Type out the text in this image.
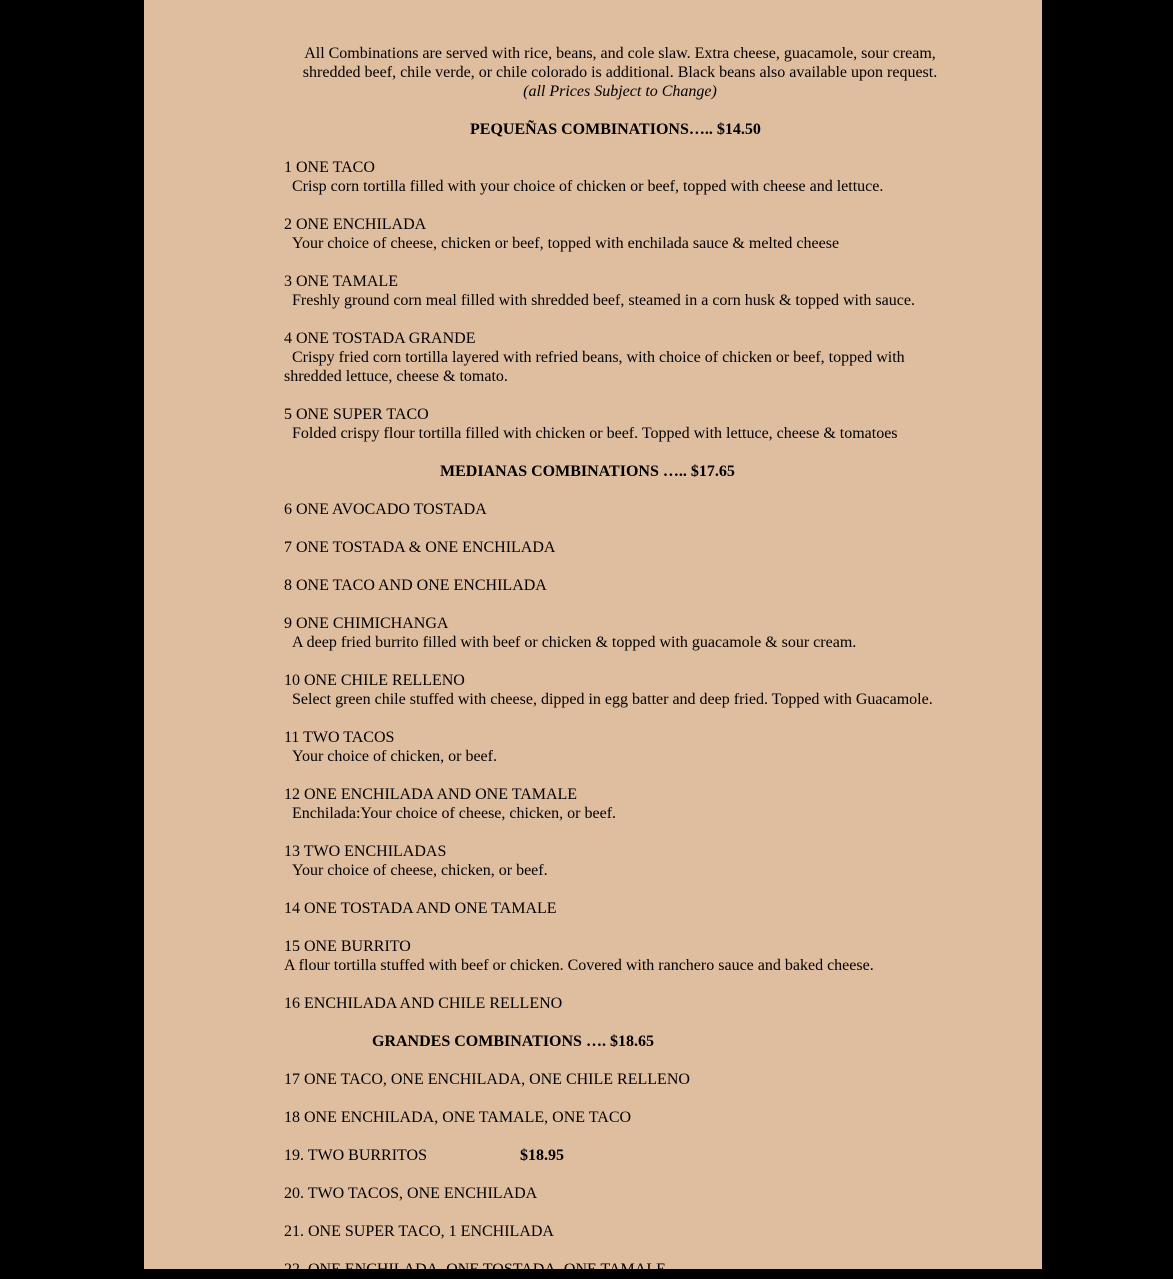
All Combinations are served with rice, beans, and cole slaw. Extra cheese, guacamole, sour cream,
shredded beef, chile verde, or chile colorado is additional. Black beans also available upon request.
(all Prices Subject to Change)
PEQUEÑAS COMBINATIONS….. $14.50
1 ONE TACO
Crisp corn tortilla filled with your choice of chicken or beef, topped with cheese and lettuce.
2 ONE ENCHILADA
Your choice of cheese, chicken or beef, topped with enchilada sauce & melted cheese
3 ONE TAMALE
Freshly ground corn meal filled with shredded beef, steamed in a corn husk & topped with sauce.
4 ONE TOSTADA GRANDE
Crispy fried corn tortilla layered with refried beans, with choice of chicken or beef, topped with
shredded lettuce, cheese & tomato.
5 ONE SUPER TACO
Folded crispy flour tortilla filled with chicken or beef. Topped with lettuce, cheese & tomatoes
MEDIANAS COMBINATIONS ….. $17.65
6 ONE AVOCADO TOSTADA
7 ONE TOSTADA & ONE ENCHILADA
8 ONE TACO AND ONE ENCHILADA
9 ONE CHIMICHANGA
A deep fried burrito filled with beef or chicken & topped with guacamole & sour cream.
10 ONE CHILE RELLENO
Select green chile stuffed with cheese, dipped in egg batter and deep fried. Topped with Guacamole.
11 TWO TACOS
Your choice of chicken, or beef.
12 ONE ENCHILADA AND ONE TAMALE
Enchilada:Your choice of cheese, chicken, or beef.
13 TWO ENCHILADAS
Your choice of cheese, chicken, or beef.
14 ONE TOSTADA AND ONE TAMALE
15 ONE BURRITO
A flour tortilla stuffed with beef or chicken. Covered with ranchero sauce and baked cheese.
16 ENCHILADA AND CHILE RELLENO
GRANDES COMBINATIONS …. $18.65
17 ONE TACO, ONE ENCHILADA, ONE CHILE RELLENO
18 ONE ENCHILADA, ONE TAMALE, ONE TACO
19. TWO BURRITOS	$18.95
20. TWO TACOS, ONE ENCHILADA
21. ONE SUPER TACO, 1 ENCHILADA
22. ONE ENCHILADA, ONE TOSTADA, ONE TAMALE
